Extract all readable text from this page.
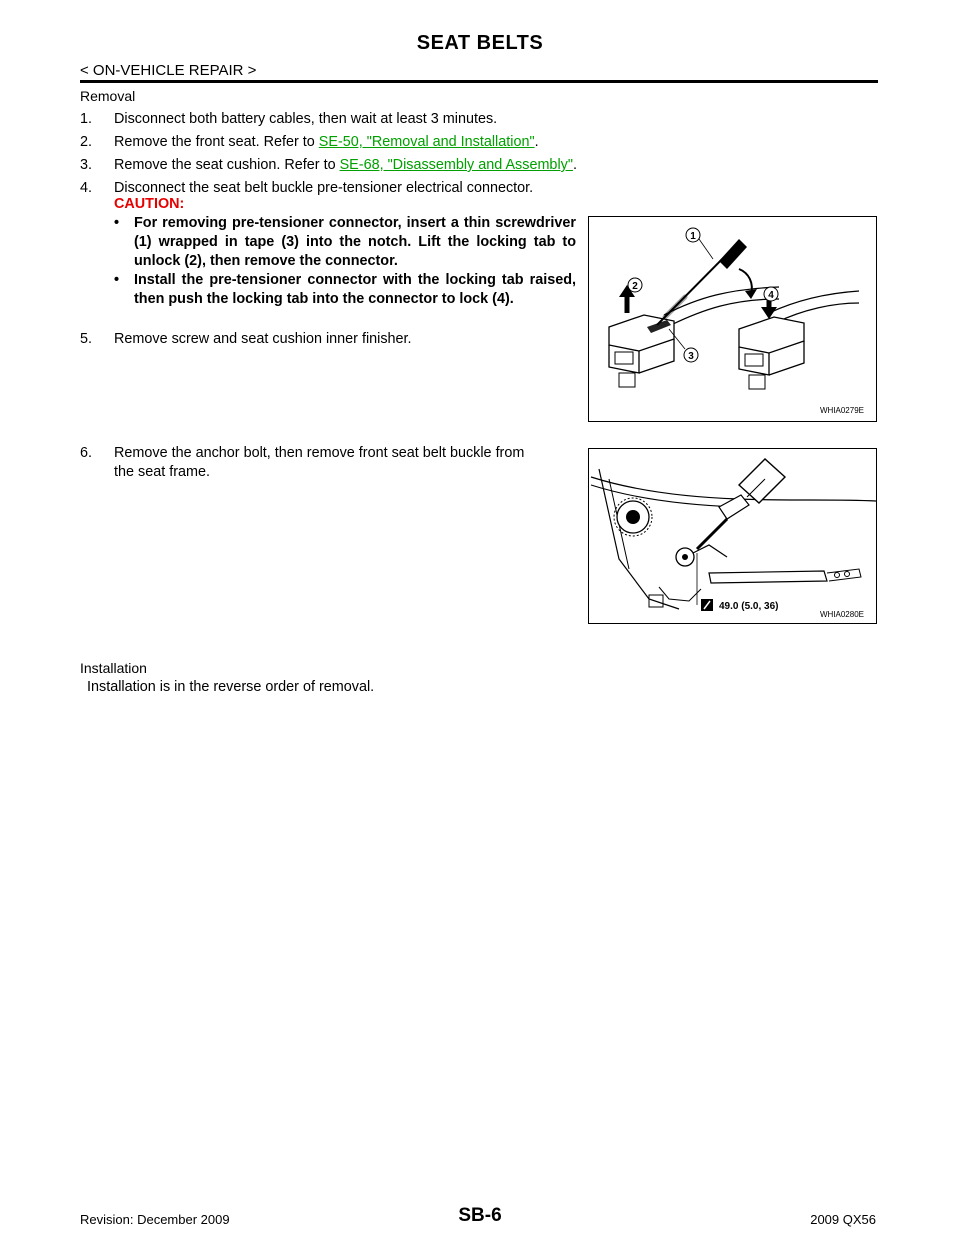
SEAT BELTS
< ON-VEHICLE REPAIR >
Removal
1.	Disconnect both battery cables, then wait at least 3 minutes.
2.	Remove the front seat. Refer to SE-50, "Removal and Installation".
3.	Remove the seat cushion. Refer to SE-68, "Disassembly and Assembly".
4.	Disconnect the seat belt buckle pre-tensioner electrical connector.
CAUTION:
•	For removing pre-tensioner connector, insert a thin screwdriver (1) wrapped in tape (3) into the notch. Lift the locking tab to unlock (2), then remove the connector.
•	Install the pre-tensioner connector with the locking tab raised, then push the locking tab into the connector to lock (4).
5.	Remove screw and seat cushion inner finisher.
1
2
3
4
WHIA0279E
6.	Remove the anchor bolt, then remove front seat belt buckle from
the seat frame.
49.0 (5.0, 36)
WHIA0280E
Installation
Installation is in the reverse order of removal.
Revision: December 2009	SB-6	2009 QX56
